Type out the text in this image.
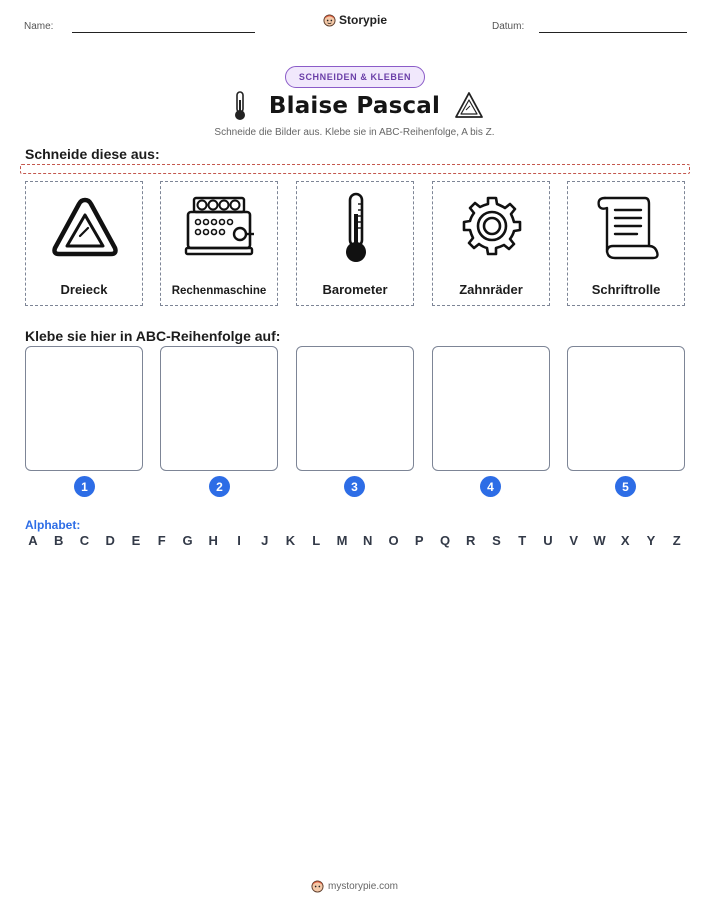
Name:	Storypie	Datum:
SCHNEIDEN & KLEBEN
Blaise Pascal
Schneide die Bilder aus. Klebe sie in ABC-Reihenfolge, A bis Z.
Schneide diese aus:
Dreieck	Rechenmaschine	Barometer	Zahnräder	Schriftrolle
Klebe sie hier in ABC-Reihenfolge auf:
1	2	3	4	5
Alphabet:
A B C D E	F	G H	I	J	K	L	M N O P Q R S	T	U V W X Y	Z
mystorypie.com
